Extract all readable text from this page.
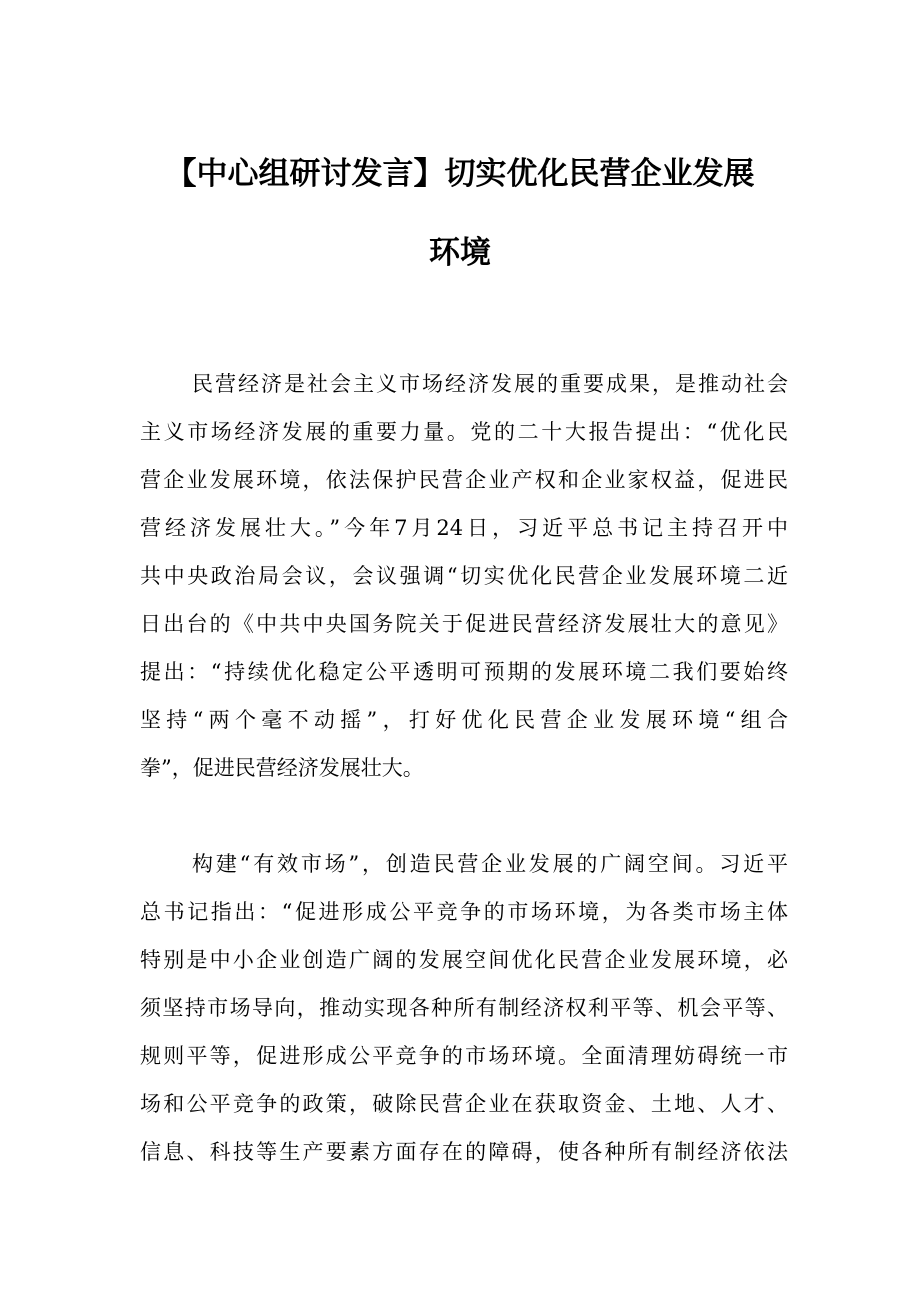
【中心组研讨发言】切实优化民营企业发展
环境
民营经济是社会主义市场经济发展的重要成果，是推动社会
主义市场经济发展的重要力量。党的二十大报告提出：“优化民
营企业发展环境，依法保护民营企业产权和企业家权益，促进民
营经济发展壮大。”今年7月24日，习近平总书记主持召开中
共中央政治局会议，会议强调“切实优化民营企业发展环境二近
日出台的《中共中央国务院关于促进民营经济发展壮大的意见》
提出：“持续优化稳定公平透明可预期的发展环境二我们要始终
坚持“两个毫不动摇”，打好优化民营企业发展环境“组合
拳”，促进民营经济发展壮大。
构建“有效市场”，创造民营企业发展的广阔空间。习近平
总书记指出：“促进形成公平竞争的市场环境，为各类市场主体
特别是中小企业创造广阔的发展空间优化民营企业发展环境，必
须坚持市场导向，推动实现各种所有制经济权利平等、机会平等、
规则平等，促进形成公平竞争的市场环境。全面清理妨碍统一市
场和公平竞争的政策，破除民营企业在获取资金、土地、人才、
信息、科技等生产要素方面存在的障碍，使各种所有制经济依法
